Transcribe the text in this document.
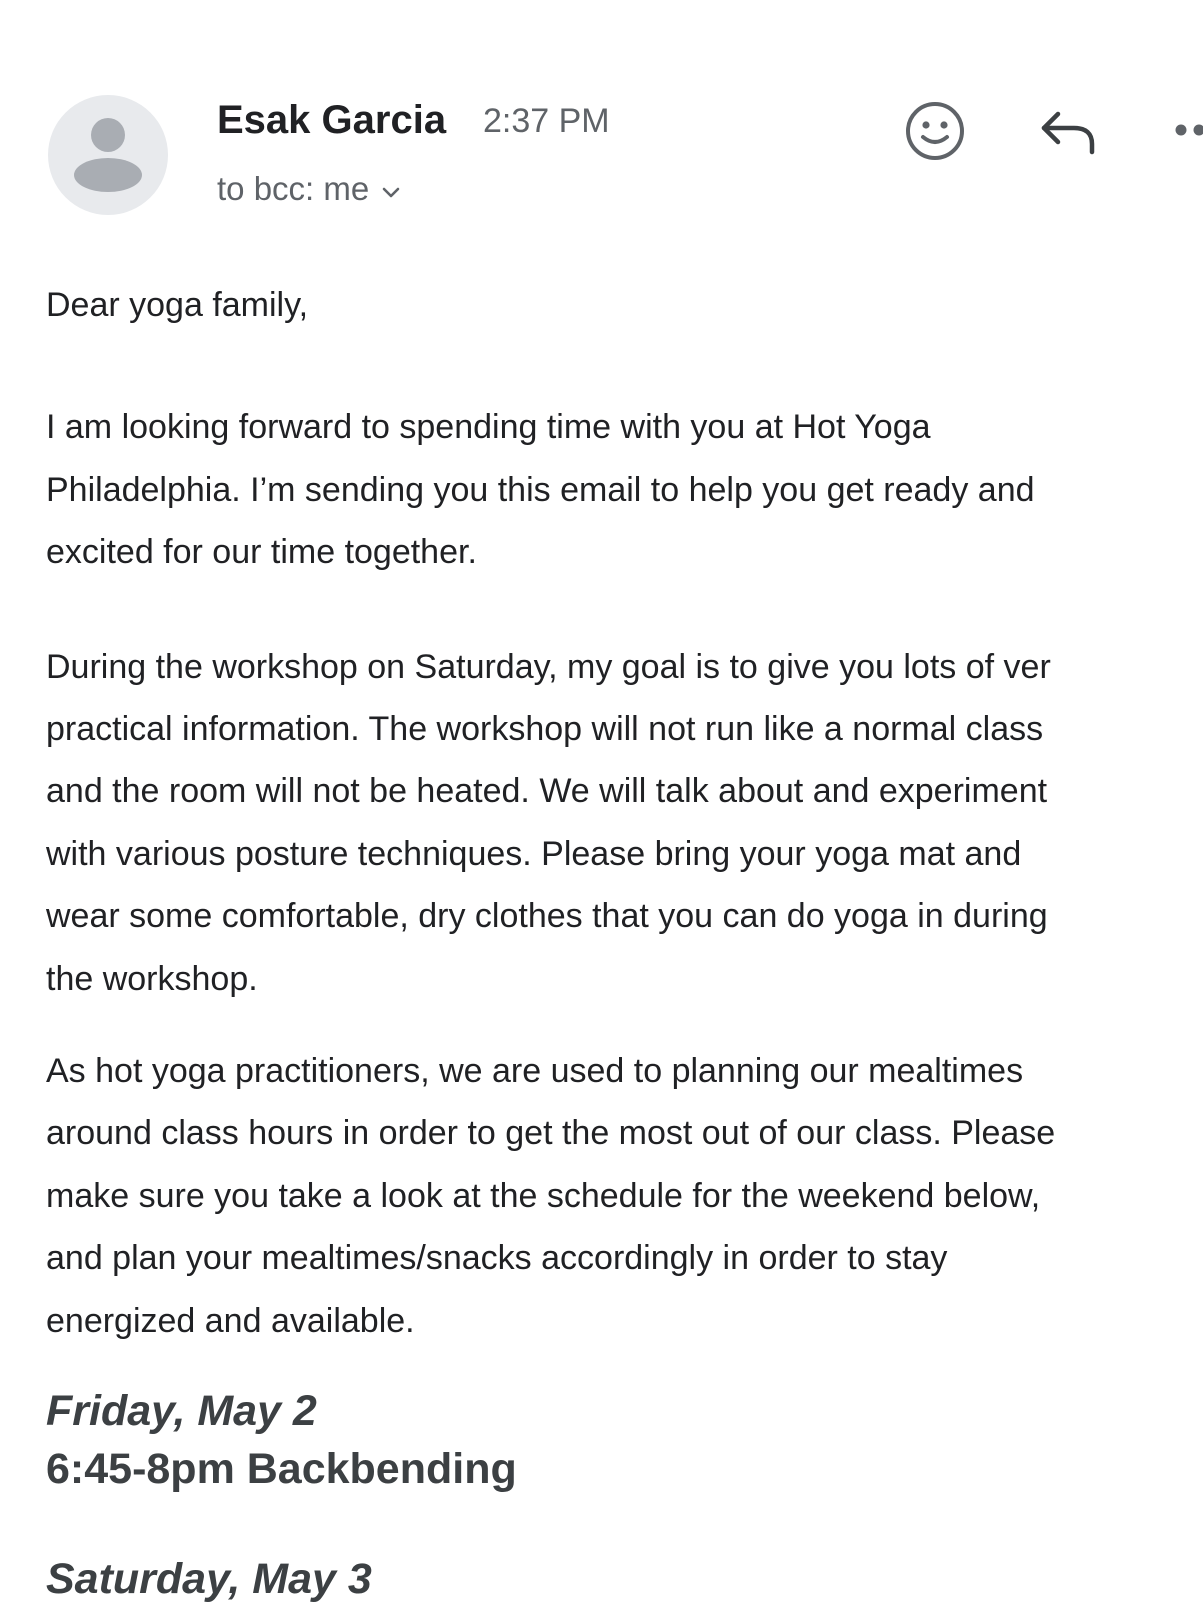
Esak Garcia 2:37 PM
to bcc: me

Dear yoga family,

I am looking forward to spending time with you at Hot Yoga
Philadelphia. I’m sending you this email to help you get ready and
excited for our time together.
During the workshop on Saturday, my goal is to give you lots of ver
practical information. The workshop will not run like a normal class
and the room will not be heated. We will talk about and experiment
with various posture techniques. Please bring your yoga mat and
wear some comfortable, dry clothes that you can do yoga in during
the workshop.
As hot yoga practitioners, we are used to planning our mealtimes
around class hours in order to get the most out of our class. Please
make sure you take a look at the schedule for the weekend below,
and plan your mealtimes/snacks accordingly in order to stay
energized and available.
Friday, May 2
6:45-8pm Backbending
Saturday, May 3
